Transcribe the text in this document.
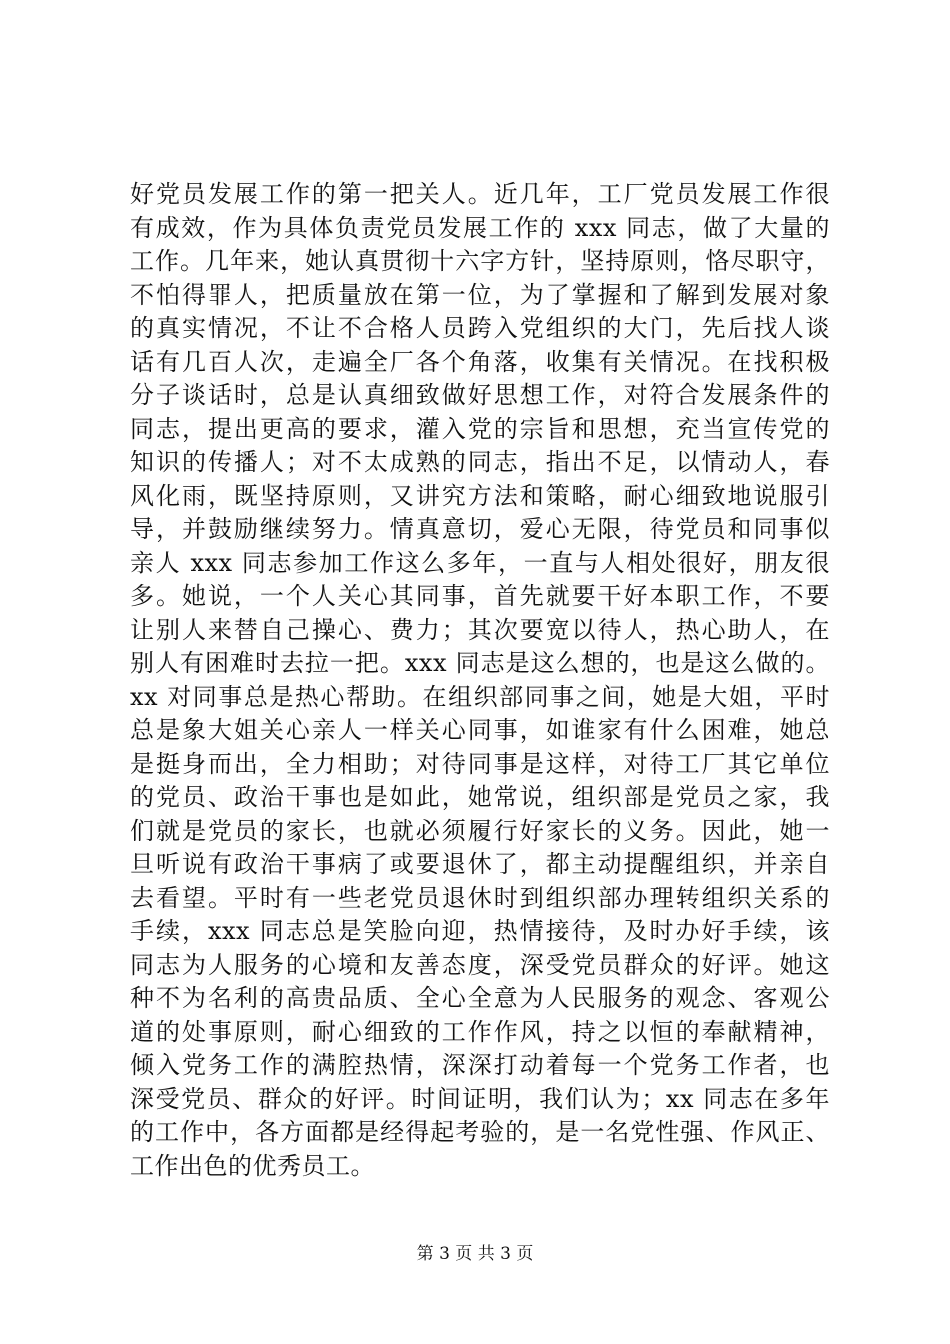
好党员发展工作的第一把关人。近几年，工厂党员发展工作很
有成效，作为具体负责党员发展工作的 xxx 同志，做了大量的
工作。几年来，她认真贯彻十六字方针，坚持原则，恪尽职守，
不怕得罪人，把质量放在第一位，为了掌握和了解到发展对象
的真实情况，不让不合格人员跨入党组织的大门，先后找人谈
话有几百人次，走遍全厂各个角落，收集有关情况。在找积极
分子谈话时，总是认真细致做好思想工作，对符合发展条件的
同志，提出更高的要求，灌入党的宗旨和思想，充当宣传党的
知识的传播人；对不太成熟的同志，指出不足，以情动人，春
风化雨，既坚持原则，又讲究方法和策略，耐心细致地说服引
导，并鼓励继续努力。情真意切，爱心无限，待党员和同事似
亲人 xxx 同志参加工作这么多年，一直与人相处很好，朋友很
多。她说，一个人关心其同事，首先就要干好本职工作，不要
让别人来替自己操心、费力；其次要宽以待人，热心助人，在
别人有困难时去拉一把。xxx 同志是这么想的，也是这么做的。
xx 对同事总是热心帮助。在组织部同事之间，她是大姐，平时
总是象大姐关心亲人一样关心同事，如谁家有什么困难，她总
是挺身而出，全力相助；对待同事是这样，对待工厂其它单位
的党员、政治干事也是如此，她常说，组织部是党员之家，我
们就是党员的家长，也就必须履行好家长的义务。因此，她一
旦听说有政治干事病了或要退休了，都主动提醒组织，并亲自
去看望。平时有一些老党员退休时到组织部办理转组织关系的
手续，xxx 同志总是笑脸向迎，热情接待，及时办好手续，该
同志为人服务的心境和友善态度，深受党员群众的好评。她这
种不为名利的高贵品质、全心全意为人民服务的观念、客观公
道的处事原则，耐心细致的工作作风，持之以恒的奉献精神，
倾入党务工作的满腔热情，深深打动着每一个党务工作者，也
深受党员、群众的好评。时间证明，我们认为；xx 同志在多年
的工作中，各方面都是经得起考验的，是一名党性强、作风正、
工作出色的优秀员工。
第 3 页 共 3 页
